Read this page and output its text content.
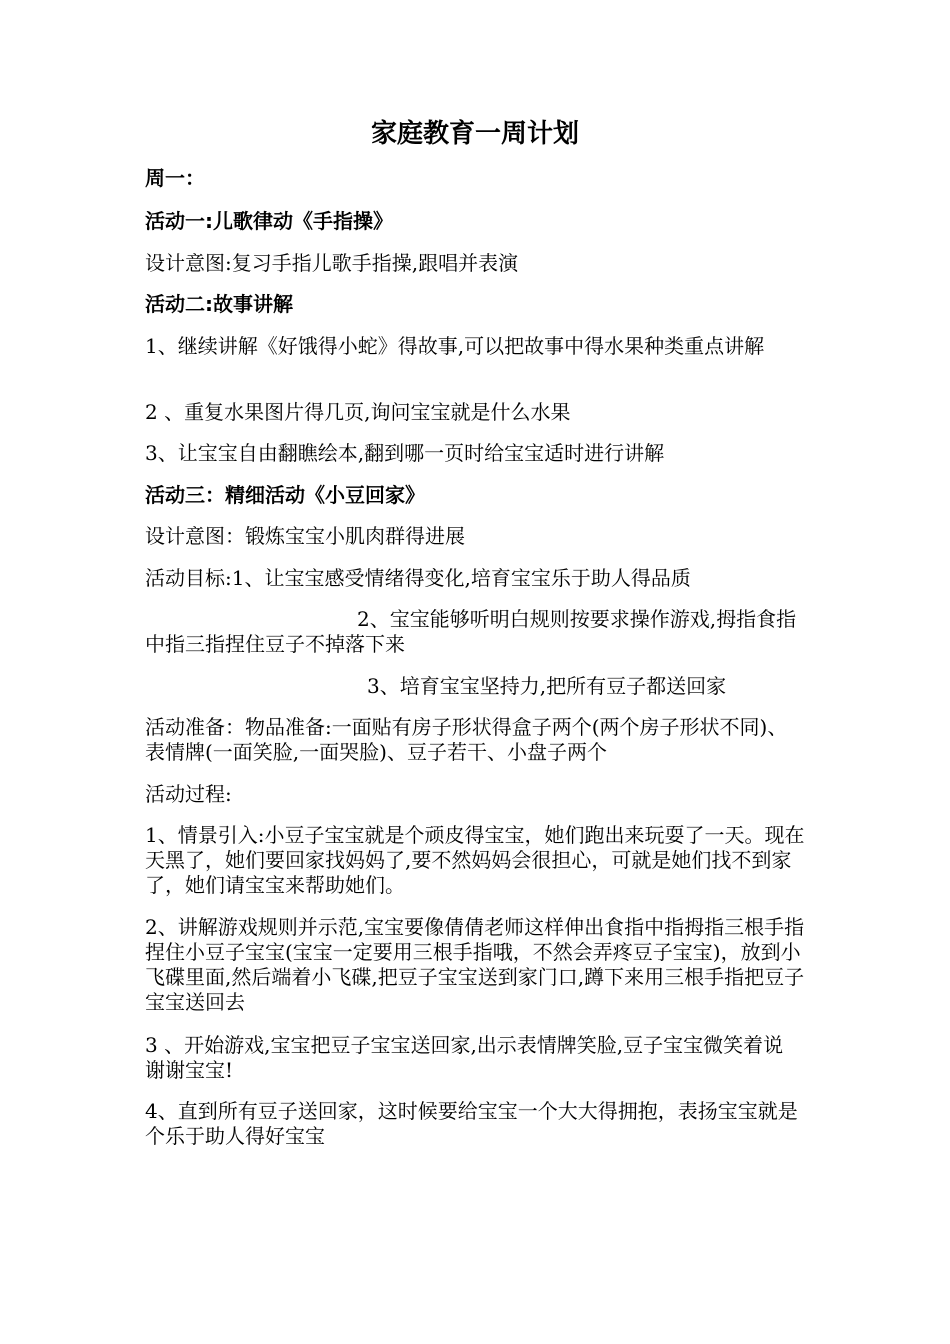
家庭教育一周计划

周一：

活动一:儿歌律动《手指操》

设计意图:复习手指儿歌手指操,跟唱并表演

活动二:故事讲解

1、继续讲解《好饿得小蛇》得故事,可以把故事中得水果种类重点讲解

2 、重复水果图片得几页,询问宝宝就是什么水果

3、让宝宝自由翻瞧绘本,翻到哪一页时给宝宝适时进行讲解

活动三：精细活动《小豆回家》

设计意图：锻炼宝宝小肌肉群得进展

活动目标:1、让宝宝感受情绪得变化,培育宝宝乐于助人得品质

2、宝宝能够听明白规则按要求操作游戏,拇指食指中指三指捏住豆子不掉落下来

3、培育宝宝坚持力,把所有豆子都送回家

活动准备：物品准备:一面贴有房子形状得盒子两个(两个房子形状不同)、表情牌(一面笑脸,一面哭脸)、豆子若干、小盘子两个

活动过程:

1、情景引入:小豆子宝宝就是个顽皮得宝宝，她们跑出来玩耍了一天。现在天黑了，她们要回家找妈妈了,要不然妈妈会很担心，可就是她们找不到家了，她们请宝宝来帮助她们。

2、讲解游戏规则并示范,宝宝要像倩倩老师这样伸出食指中指拇指三根手指捏住小豆子宝宝(宝宝一定要用三根手指哦，不然会弄疼豆子宝宝)，放到小飞碟里面,然后端着小飞碟,把豆子宝宝送到家门口,蹲下来用三根手指把豆子宝宝送回去

3 、开始游戏,宝宝把豆子宝宝送回家,出示表情牌笑脸,豆子宝宝微笑着说 谢谢宝宝!

4、直到所有豆子送回家，这时候要给宝宝一个大大得拥抱，表扬宝宝就是个乐于助人得好宝宝
